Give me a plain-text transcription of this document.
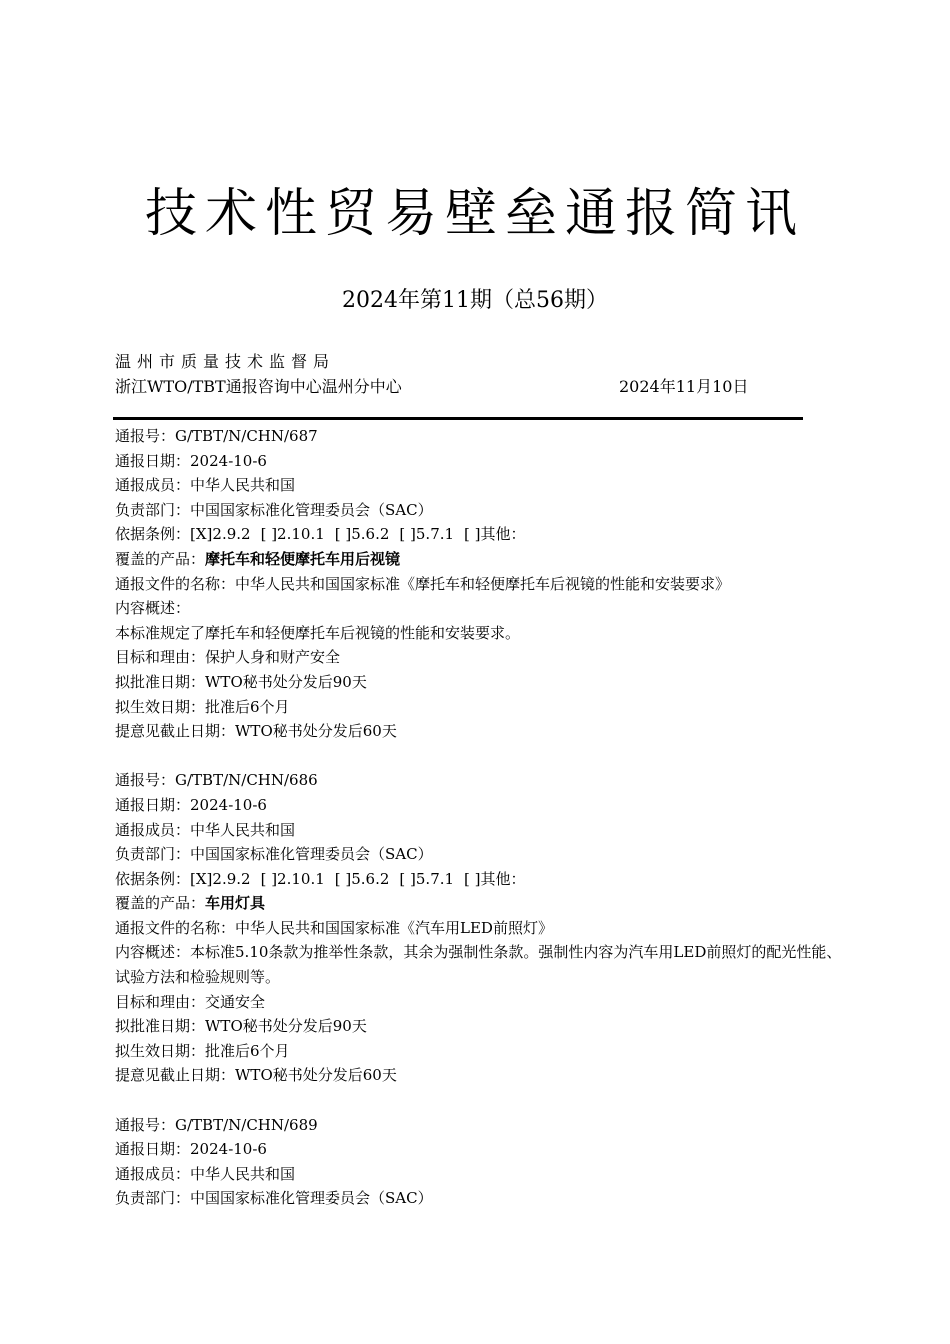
技术性贸易壁垒通报简讯
2024年第11期（总56期）
温州市质量技术监督局
浙江WTO/TBT通报咨询中心温州分中心	2024年11月10日
通报号：G/TBT/N/CHN/687
通报日期：2024-10-6
通报成员：中华人民共和国
负责部门：中国国家标准化管理委员会（SAC）
依据条例：[X]2.9.2 [ ]2.10.1 [ ]5.6.2 [ ]5.7.1 [ ]其他：
覆盖的产品：摩托车和轻便摩托车用后视镜
通报文件的名称：中华人民共和国国家标准《摩托车和轻便摩托车后视镜的性能和安装要求》
内容概述：
本标准规定了摩托车和轻便摩托车后视镜的性能和安装要求。
目标和理由：保护人身和财产安全
拟批准日期：WTO秘书处分发后90天
拟生效日期：批准后6个月
提意见截止日期：WTO秘书处分发后60天
通报号：G/TBT/N/CHN/686
通报日期：2024-10-6
通报成员：中华人民共和国
负责部门：中国国家标准化管理委员会（SAC）
依据条例：[X]2.9.2 [ ]2.10.1 [ ]5.6.2 [ ]5.7.1 [ ]其他：
覆盖的产品：车用灯具
通报文件的名称：中华人民共和国国家标准《汽车用LED前照灯》
内容概述：本标准5.10条款为推举性条款，其余为强制性条款。强制性内容为汽车用LED前照灯的配光性能、试验方法和检验规则等。
目标和理由：交通安全
拟批准日期：WTO秘书处分发后90天
拟生效日期：批准后6个月
提意见截止日期：WTO秘书处分发后60天
通报号：G/TBT/N/CHN/689
通报日期：2024-10-6
通报成员：中华人民共和国
负责部门：中国国家标准化管理委员会（SAC）
